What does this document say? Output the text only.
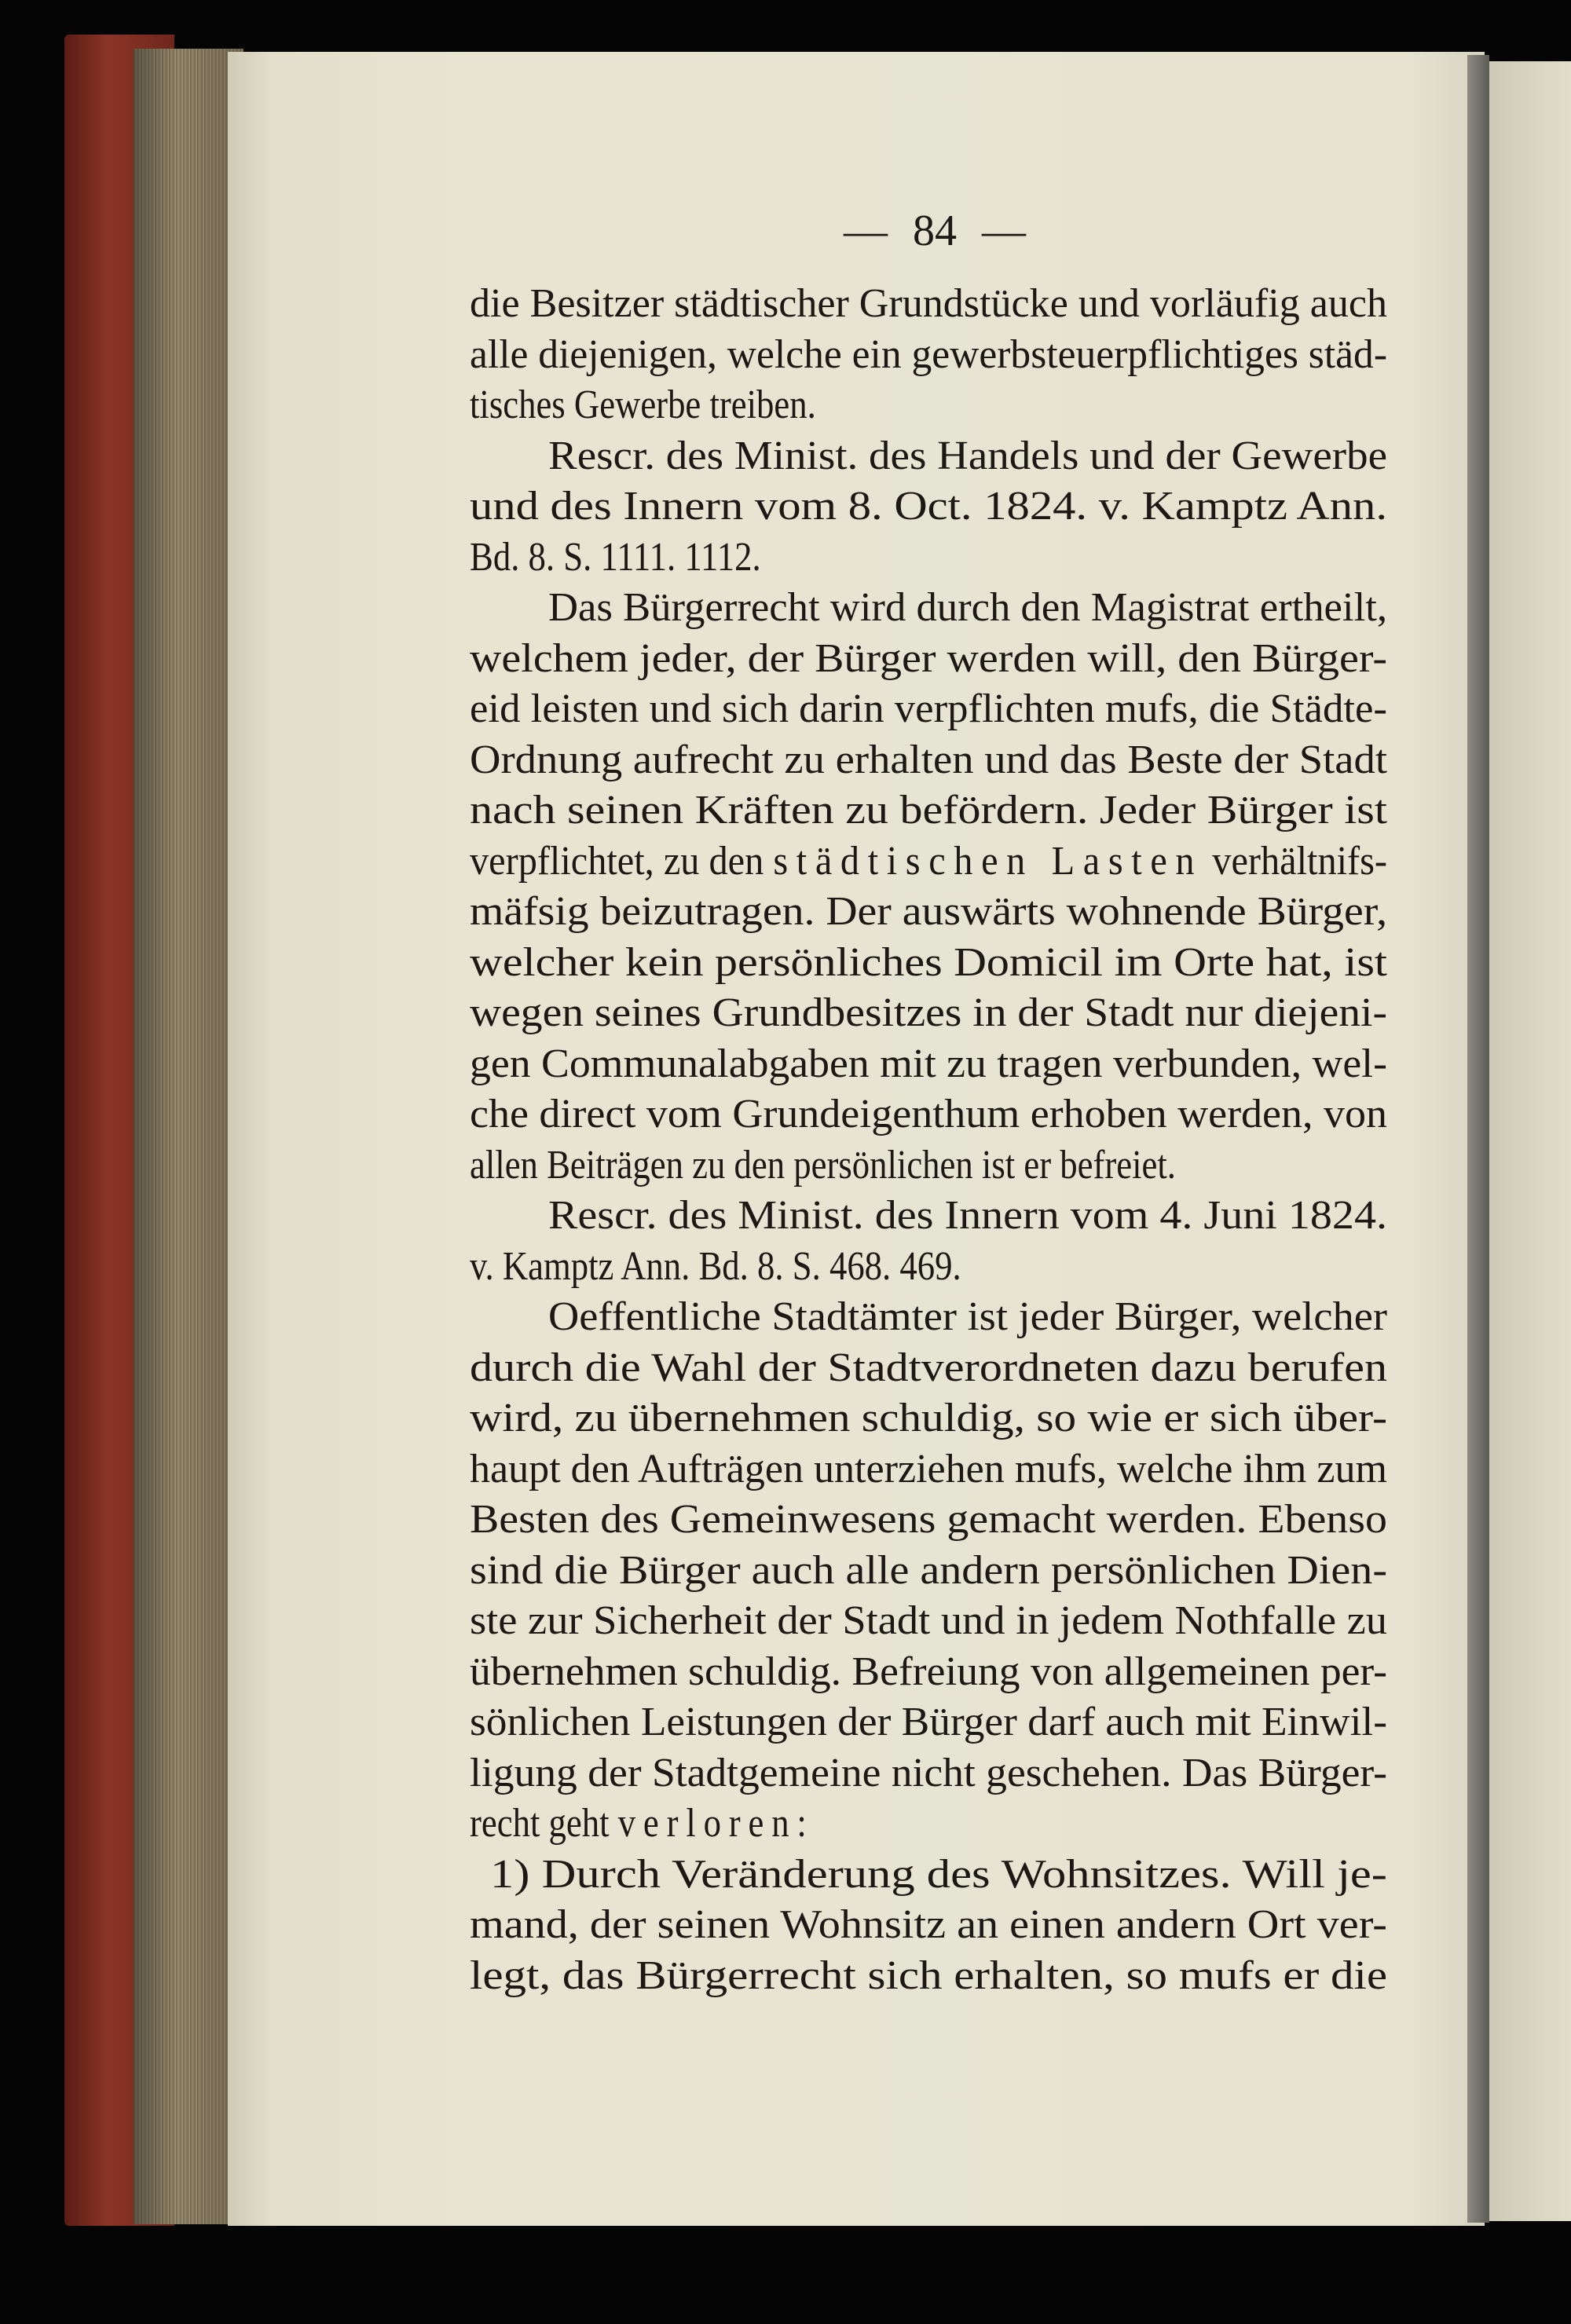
— 84 —
die Besitzer städtischer Grundstücke und vorläufig auch
alle diejenigen, welche ein gewerbsteuerpflichtiges städ-
tisches Gewerbe treiben.
Rescr. des Minist. des Handels und der Gewerbe
und des Innern vom 8. Oct. 1824. v. Kamptz Ann.
Bd. 8. S. 1111. 1112.
Das Bürgerrecht wird durch den Magistrat ertheilt,
welchem jeder, der Bürger werden will, den Bürger-
eid leisten und sich darin verpflichten mufs, die Städte-
Ordnung aufrecht zu erhalten und das Beste der Stadt
nach seinen Kräften zu befördern. Jeder Bürger ist
verpflichtet, zu den städtischen Lasten verhältnifs-
mäfsig beizutragen. Der auswärts wohnende Bürger,
welcher kein persönliches Domicil im Orte hat, ist
wegen seines Grundbesitzes in der Stadt nur diejeni-
gen Communalabgaben mit zu tragen verbunden, wel-
che direct vom Grundeigenthum erhoben werden, von
allen Beiträgen zu den persönlichen ist er befreiet.
Rescr. des Minist. des Innern vom 4. Juni 1824.
v. Kamptz Ann. Bd. 8. S. 468. 469.
Oeffentliche Stadtämter ist jeder Bürger, welcher
durch die Wahl der Stadtverordneten dazu berufen
wird, zu übernehmen schuldig, so wie er sich über-
haupt den Aufträgen unterziehen mufs, welche ihm zum
Besten des Gemeinwesens gemacht werden. Ebenso
sind die Bürger auch alle andern persönlichen Dien-
ste zur Sicherheit der Stadt und in jedem Nothfalle zu
übernehmen schuldig. Befreiung von allgemeinen per-
sönlichen Leistungen der Bürger darf auch mit Einwil-
ligung der Stadtgemeine nicht geschehen. Das Bürger-
recht geht verloren:
1) Durch Veränderung des Wohnsitzes. Will je-
mand, der seinen Wohnsitz an einen andern Ort ver-
legt, das Bürgerrecht sich erhalten, so mufs er die
